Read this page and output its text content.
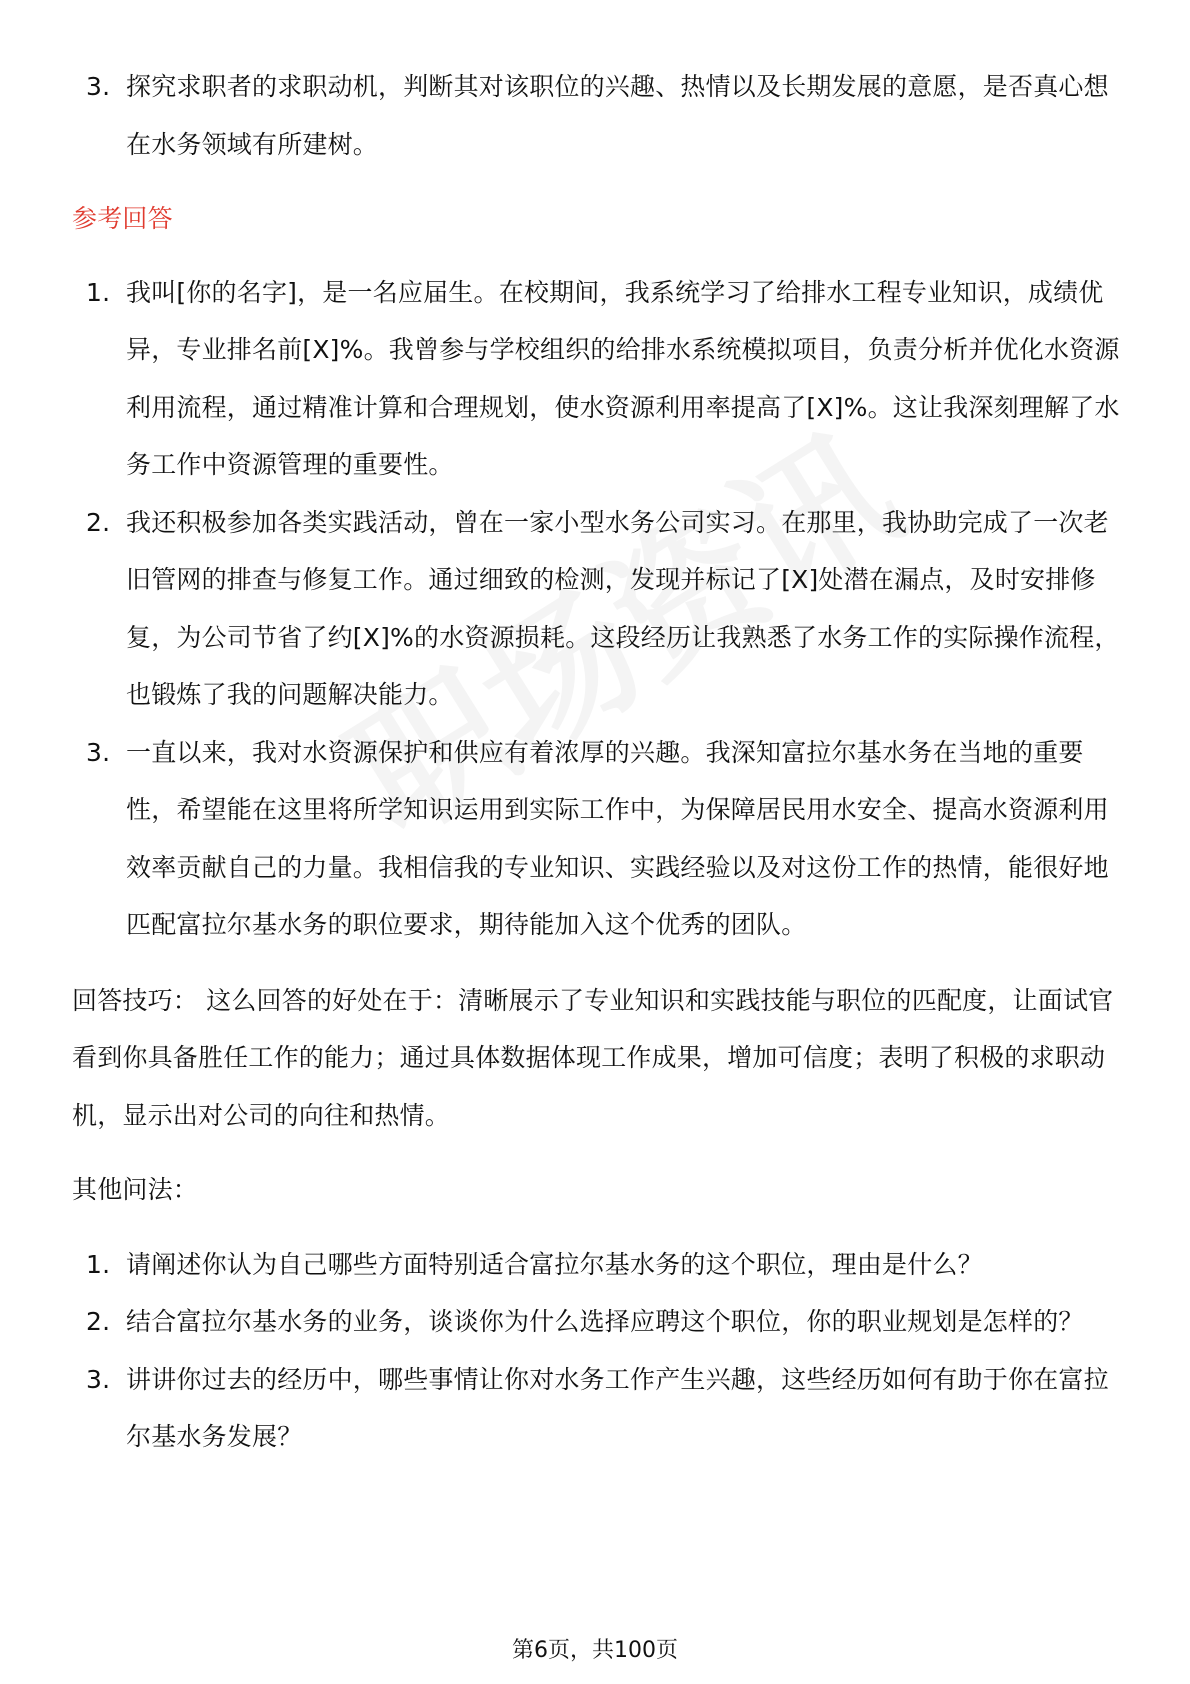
3. 探究求职者的求职动机，判断其对该职位的兴趣、热情以及长期发展的意愿，是否真心想在水务领域有所建树。
参考回答
1. 我叫[你的名字]，是一名应届生。在校期间，我系统学习了给排水工程专业知识，成绩优异，专业排名前[X]%。我曾参与学校组织的给排水系统模拟项目，负责分析并优化水资源利用流程，通过精准计算和合理规划，使水资源利用率提高了[X]%。这让我深刻理解了水务工作中资源管理的重要性。
2. 我还积极参加各类实践活动，曾在一家小型水务公司实习。在那里，我协助完成了一次老旧管网的排查与修复工作。通过细致的检测，发现并标记了[X]处潜在漏点，及时安排修复，为公司节省了约[X]%的水资源损耗。这段经历让我熟悉了水务工作的实际操作流程，也锻炼了我的问题解决能力。
3. 一直以来，我对水资源保护和供应有着浓厚的兴趣。我深知富拉尔基水务在当地的重要性，希望能在这里将所学知识运用到实际工作中，为保障居民用水安全、提高水资源利用效率贡献自己的力量。我相信我的专业知识、实践经验以及对这份工作的热情，能很好地匹配富拉尔基水务的职位要求，期待能加入这个优秀的团队。
回答技巧： 这么回答的好处在于：清晰展示了专业知识和实践技能与职位的匹配度，让面试官看到你具备胜任工作的能力；通过具体数据体现工作成果，增加可信度；表明了积极的求职动机，显示出对公司的向往和热情。
其他问法：
1. 请阐述你认为自己哪些方面特别适合富拉尔基水务的这个职位，理由是什么？
2. 结合富拉尔基水务的业务，谈谈你为什么选择应聘这个职位，你的职业规划是怎样的？
3. 讲讲你过去的经历中，哪些事情让你对水务工作产生兴趣，这些经历如何有助于你在富拉尔基水务发展？
第6页，共100页
